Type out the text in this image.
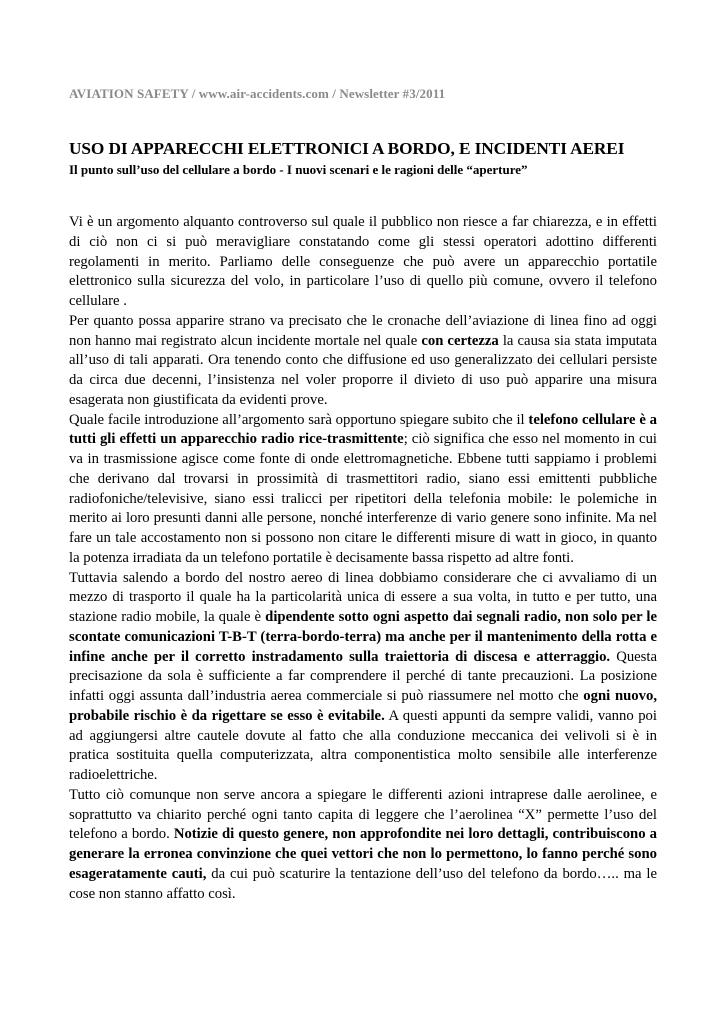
AVIATION SAFETY / www.air-accidents.com / Newsletter #3/2011
USO DI APPARECCHI ELETTRONICI A BORDO, E INCIDENTI AEREI
Il punto sull’uso del cellulare a bordo - I nuovi scenari e le ragioni delle “aperture”

Vi è un argomento alquanto controverso sul quale il pubblico non riesce a far chiarezza, e in effetti di ciò non ci si può meravigliare constatando come gli stessi operatori adottino differenti regolamenti in merito. Parliamo delle conseguenze che può avere un apparecchio portatile elettronico sulla sicurezza del volo, in particolare l’uso di quello più comune, ovvero il telefono cellulare .

Per quanto possa apparire strano va precisato che le cronache dell’aviazione di linea fino ad oggi non hanno mai registrato alcun incidente mortale nel quale con certezza la causa sia stata imputata all’uso di tali apparati. Ora tenendo conto che diffusione ed uso generalizzato dei cellulari persiste da circa due decenni, l’insistenza nel voler proporre il divieto di uso può apparire una misura esagerata non giustificata da evidenti prove.

Quale facile introduzione all’argomento sarà opportuno spiegare subito che il telefono cellulare è a tutti gli effetti un apparecchio radio rice-trasmittente; ciò significa che esso nel momento in cui va in trasmissione agisce come fonte di onde elettromagnetiche. Ebbene tutti sappiamo i problemi che derivano dal trovarsi in prossimità di trasmettitori radio, siano essi emittenti pubbliche radiofoniche/televisive, siano essi tralicci per ripetitori della telefonia mobile: le polemiche in merito ai loro presunti danni alle persone, nonché interferenze di vario genere sono infinite. Ma nel fare un tale accostamento non si possono non citare le differenti misure di watt in gioco, in quanto la potenza irradiata da un telefono portatile è decisamente bassa rispetto ad altre fonti.

Tuttavia salendo a bordo del nostro aereo di linea dobbiamo considerare che ci avvaliamo di un mezzo di trasporto il quale ha la particolarità unica di essere a sua volta, in tutto e per tutto, una stazione radio mobile, la quale è dipendente sotto ogni aspetto dai segnali radio, non solo per le scontate comunicazioni T-B-T (terra-bordo-terra) ma anche per il mantenimento della rotta e infine anche per il corretto instradamento sulla traiettoria di discesa e atterraggio. Questa precisazione da sola è sufficiente a far comprendere il perché di tante precauzioni. La posizione infatti oggi assunta dall’industria aerea commerciale si può riassumere nel motto che ogni nuovo, probabile rischio è da rigettare se esso è evitabile. A questi appunti da sempre validi, vanno poi ad aggiungersi altre cautele dovute al fatto che alla conduzione meccanica dei velivoli si è in pratica sostituita quella computerizzata, altra componentistica molto sensibile alle interferenze radioelettriche.

Tutto ciò comunque non serve ancora a spiegare le differenti azioni intraprese dalle aerolinee, e soprattutto va chiarito perché ogni tanto capita di leggere che l’aerolinea “X” permette l’uso del telefono a bordo. Notizie di questo genere, non approfondite nei loro dettagli, contribuiscono a generare la erronea convinzione che quei vettori che non lo permettono, lo fanno perché sono esageratamente cauti, da cui può scaturire la tentazione dell’uso del telefono da bordo….. ma le cose non stanno affatto così.
